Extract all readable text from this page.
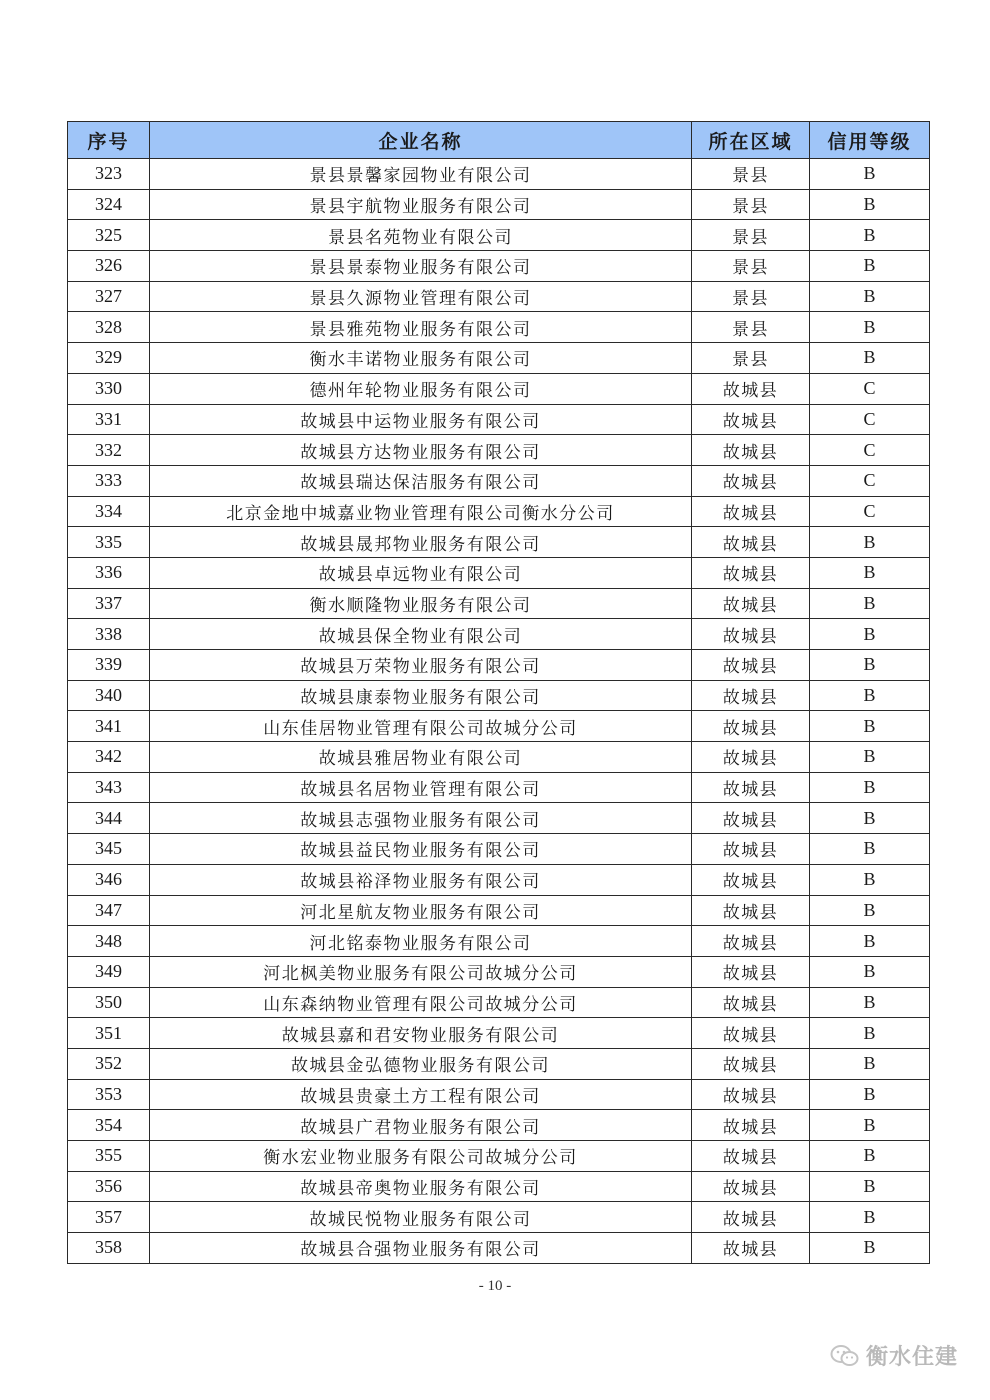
序号	企业名称	所在区域	信用等级
323	景县景馨家园物业有限公司	景县	B
324	景县宇航物业服务有限公司	景县	B
325	景县名苑物业有限公司	景县	B
326	景县景泰物业服务有限公司	景县	B
327	景县久源物业管理有限公司	景县	B
328	景县雅苑物业服务有限公司	景县	B
329	衡水丰诺物业服务有限公司	景县	B
330	德州年轮物业服务有限公司	故城县	C
331	故城县中运物业服务有限公司	故城县	C
332	故城县方达物业服务有限公司	故城县	C
333	故城县瑞达保洁服务有限公司	故城县	C
334	北京金地中城嘉业物业管理有限公司衡水分公司	故城县	C
335	故城县晟邦物业服务有限公司	故城县	B
336	故城县卓远物业有限公司	故城县	B
337	衡水顺隆物业服务有限公司	故城县	B
338	故城县保全物业有限公司	故城县	B
339	故城县万荣物业服务有限公司	故城县	B
340	故城县康泰物业服务有限公司	故城县	B
341	山东佳居物业管理有限公司故城分公司	故城县	B
342	故城县雅居物业有限公司	故城县	B
343	故城县名居物业管理有限公司	故城县	B
344	故城县志强物业服务有限公司	故城县	B
345	故城县益民物业服务有限公司	故城县	B
346	故城县裕泽物业服务有限公司	故城县	B
347	河北星航友物业服务有限公司	故城县	B
348	河北铭泰物业服务有限公司	故城县	B
349	河北枫美物业服务有限公司故城分公司	故城县	B
350	山东森纳物业管理有限公司故城分公司	故城县	B
351	故城县嘉和君安物业服务有限公司	故城县	B
352	故城县金弘德物业服务有限公司	故城县	B
353	故城县贵豪土方工程有限公司	故城县	B
354	故城县广君物业服务有限公司	故城县	B
355	衡水宏业物业服务有限公司故城分公司	故城县	B
356	故城县帝奥物业服务有限公司	故城县	B
357	故城民悦物业服务有限公司	故城县	B
358	故城县合强物业服务有限公司	故城县	B
- 10 -
衡水住建
